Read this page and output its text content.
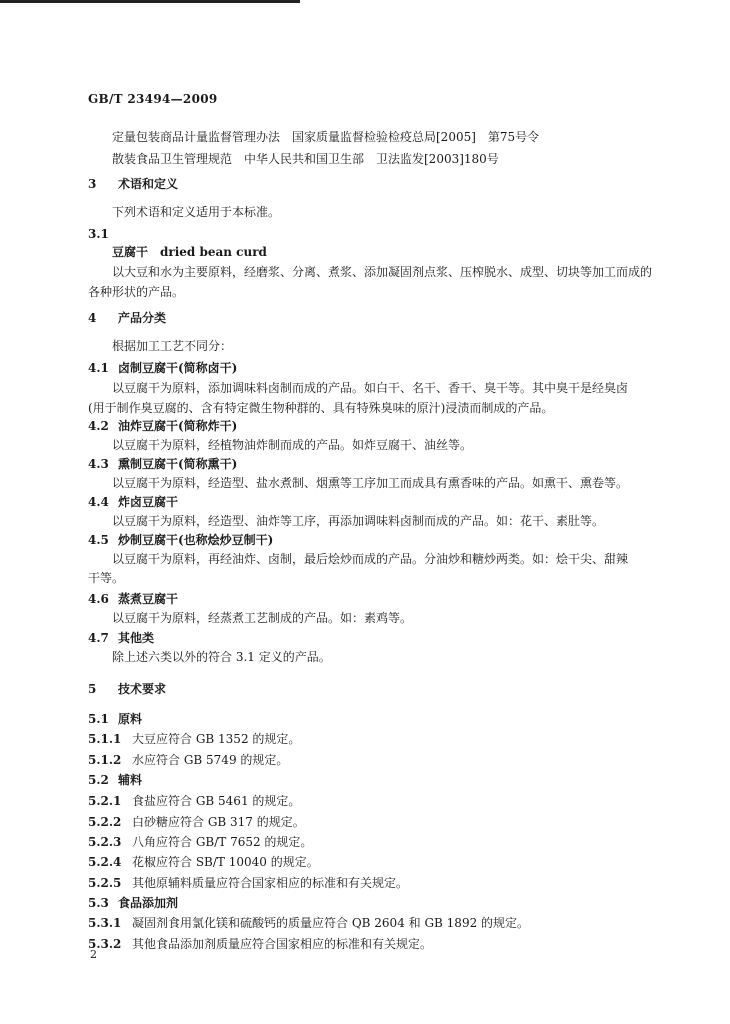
GB/T 23494—2009
定量包装商品计量监督管理办法　国家质量监督检验检疫总局[2005]　第75号令
散装食品卫生管理规范　中华人民共和国卫生部　卫法监发[2003]180号
3 术语和定义
下列术语和定义适用于本标准。
3.1
豆腐干　dried bean curd
以大豆和水为主要原料，经磨浆、分离、煮浆、添加凝固剂点浆、压榨脱水、成型、切块等加工而成的
各种形状的产品。
4 产品分类
根据加工工艺不同分：
4.1 卤制豆腐干(简称卤干)
以豆腐干为原料，添加调味料卤制而成的产品。如白干、名干、香干、臭干等。其中臭干是经臭卤
(用于制作臭豆腐的、含有特定微生物种群的、具有特殊臭味的原汁)浸渍而制成的产品。
4.2 油炸豆腐干(简称炸干)
以豆腐干为原料，经植物油炸制而成的产品。如炸豆腐干、油丝等。
4.3 熏制豆腐干(简称熏干)
以豆腐干为原料，经造型、盐水煮制、烟熏等工序加工而成具有熏香味的产品。如熏干、熏卷等。
4.4 炸卤豆腐干
以豆腐干为原料，经造型、油炸等工序，再添加调味料卤制而成的产品。如：花干、素肚等。
4.5 炒制豆腐干(也称烩炒豆制干)
以豆腐干为原料，再经油炸、卤制，最后烩炒而成的产品。分油炒和糖炒两类。如：烩干尖、甜辣
干等。
4.6 蒸煮豆腐干
以豆腐干为原料，经蒸煮工艺制成的产品。如：素鸡等。
4.7 其他类
除上述六类以外的符合 3.1 定义的产品。
5 技术要求
5.1 原料
5.1.1 大豆应符合 GB 1352 的规定。
5.1.2 水应符合 GB 5749 的规定。
5.2 辅料
5.2.1 食盐应符合 GB 5461 的规定。
5.2.2 白砂糖应符合 GB 317 的规定。
5.2.3 八角应符合 GB/T 7652 的规定。
5.2.4 花椒应符合 SB/T 10040 的规定。
5.2.5 其他原辅料质量应符合国家相应的标准和有关规定。
5.3 食品添加剂
5.3.1 凝固剂食用氯化镁和硫酸钙的质量应符合 QB 2604 和 GB 1892 的规定。
5.3.2 其他食品添加剂质量应符合国家相应的标准和有关规定。
2
